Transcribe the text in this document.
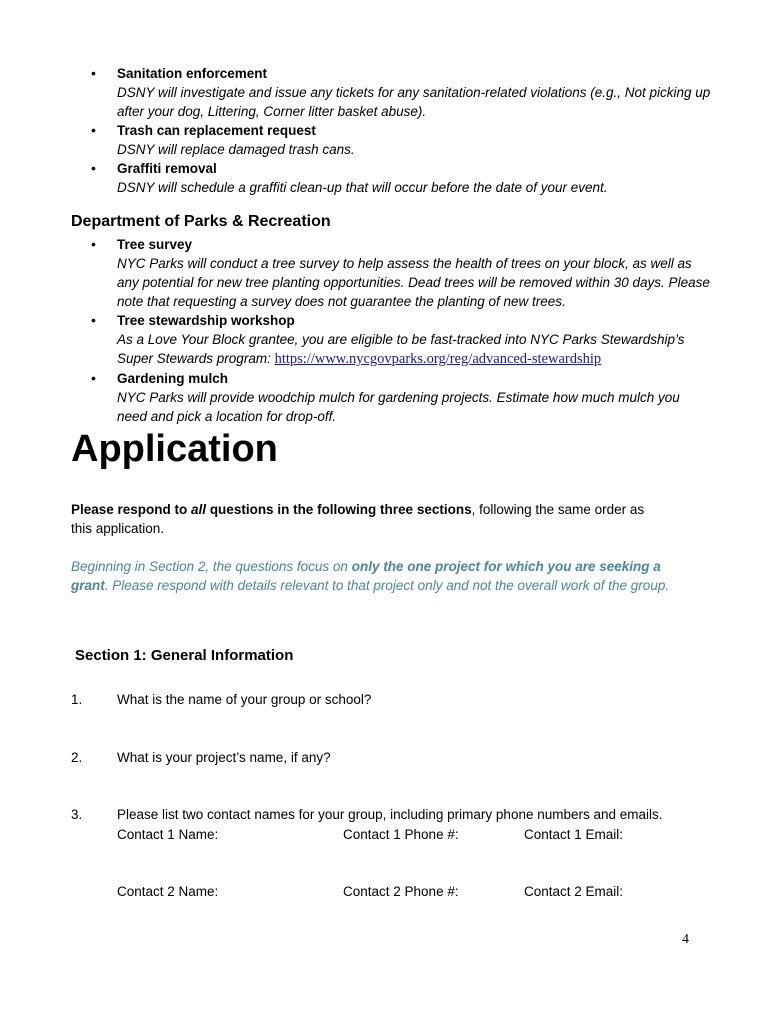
• Sanitation enforcement
DSNY will investigate and issue any tickets for any sanitation-related violations (e.g., Not picking up after your dog, Littering, Corner litter basket abuse).
• Trash can replacement request
DSNY will replace damaged trash cans.
• Graffiti removal
DSNY will schedule a graffiti clean-up that will occur before the date of your event.
Department of Parks & Recreation
• Tree survey
NYC Parks will conduct a tree survey to help assess the health of trees on your block, as well as any potential for new tree planting opportunities. Dead trees will be removed within 30 days. Please note that requesting a survey does not guarantee the planting of new trees.
• Tree stewardship workshop
As a Love Your Block grantee, you are eligible to be fast-tracked into NYC Parks Stewardship’s Super Stewards program: https://www.nycgovparks.org/reg/advanced-stewardship
• Gardening mulch
NYC Parks will provide woodchip mulch for gardening projects. Estimate how much mulch you need and pick a location for drop-off.
Application

Please respond to all questions in the following three sections, following the same order as this application.

Beginning in Section 2, the questions focus on only the one project for which you are seeking a grant. Please respond with details relevant to that project only and not the overall work of the group.

Section 1: General Information
1.	What is the name of your group or school?
2.	What is your project’s name, if any?
3.	Please list two contact names for your group, including primary phone numbers and emails.
Contact 1 Name:	Contact 1 Phone #:	Contact 1 Email:
Contact 2 Name:	Contact 2 Phone #:	Contact 2 Email:
4
